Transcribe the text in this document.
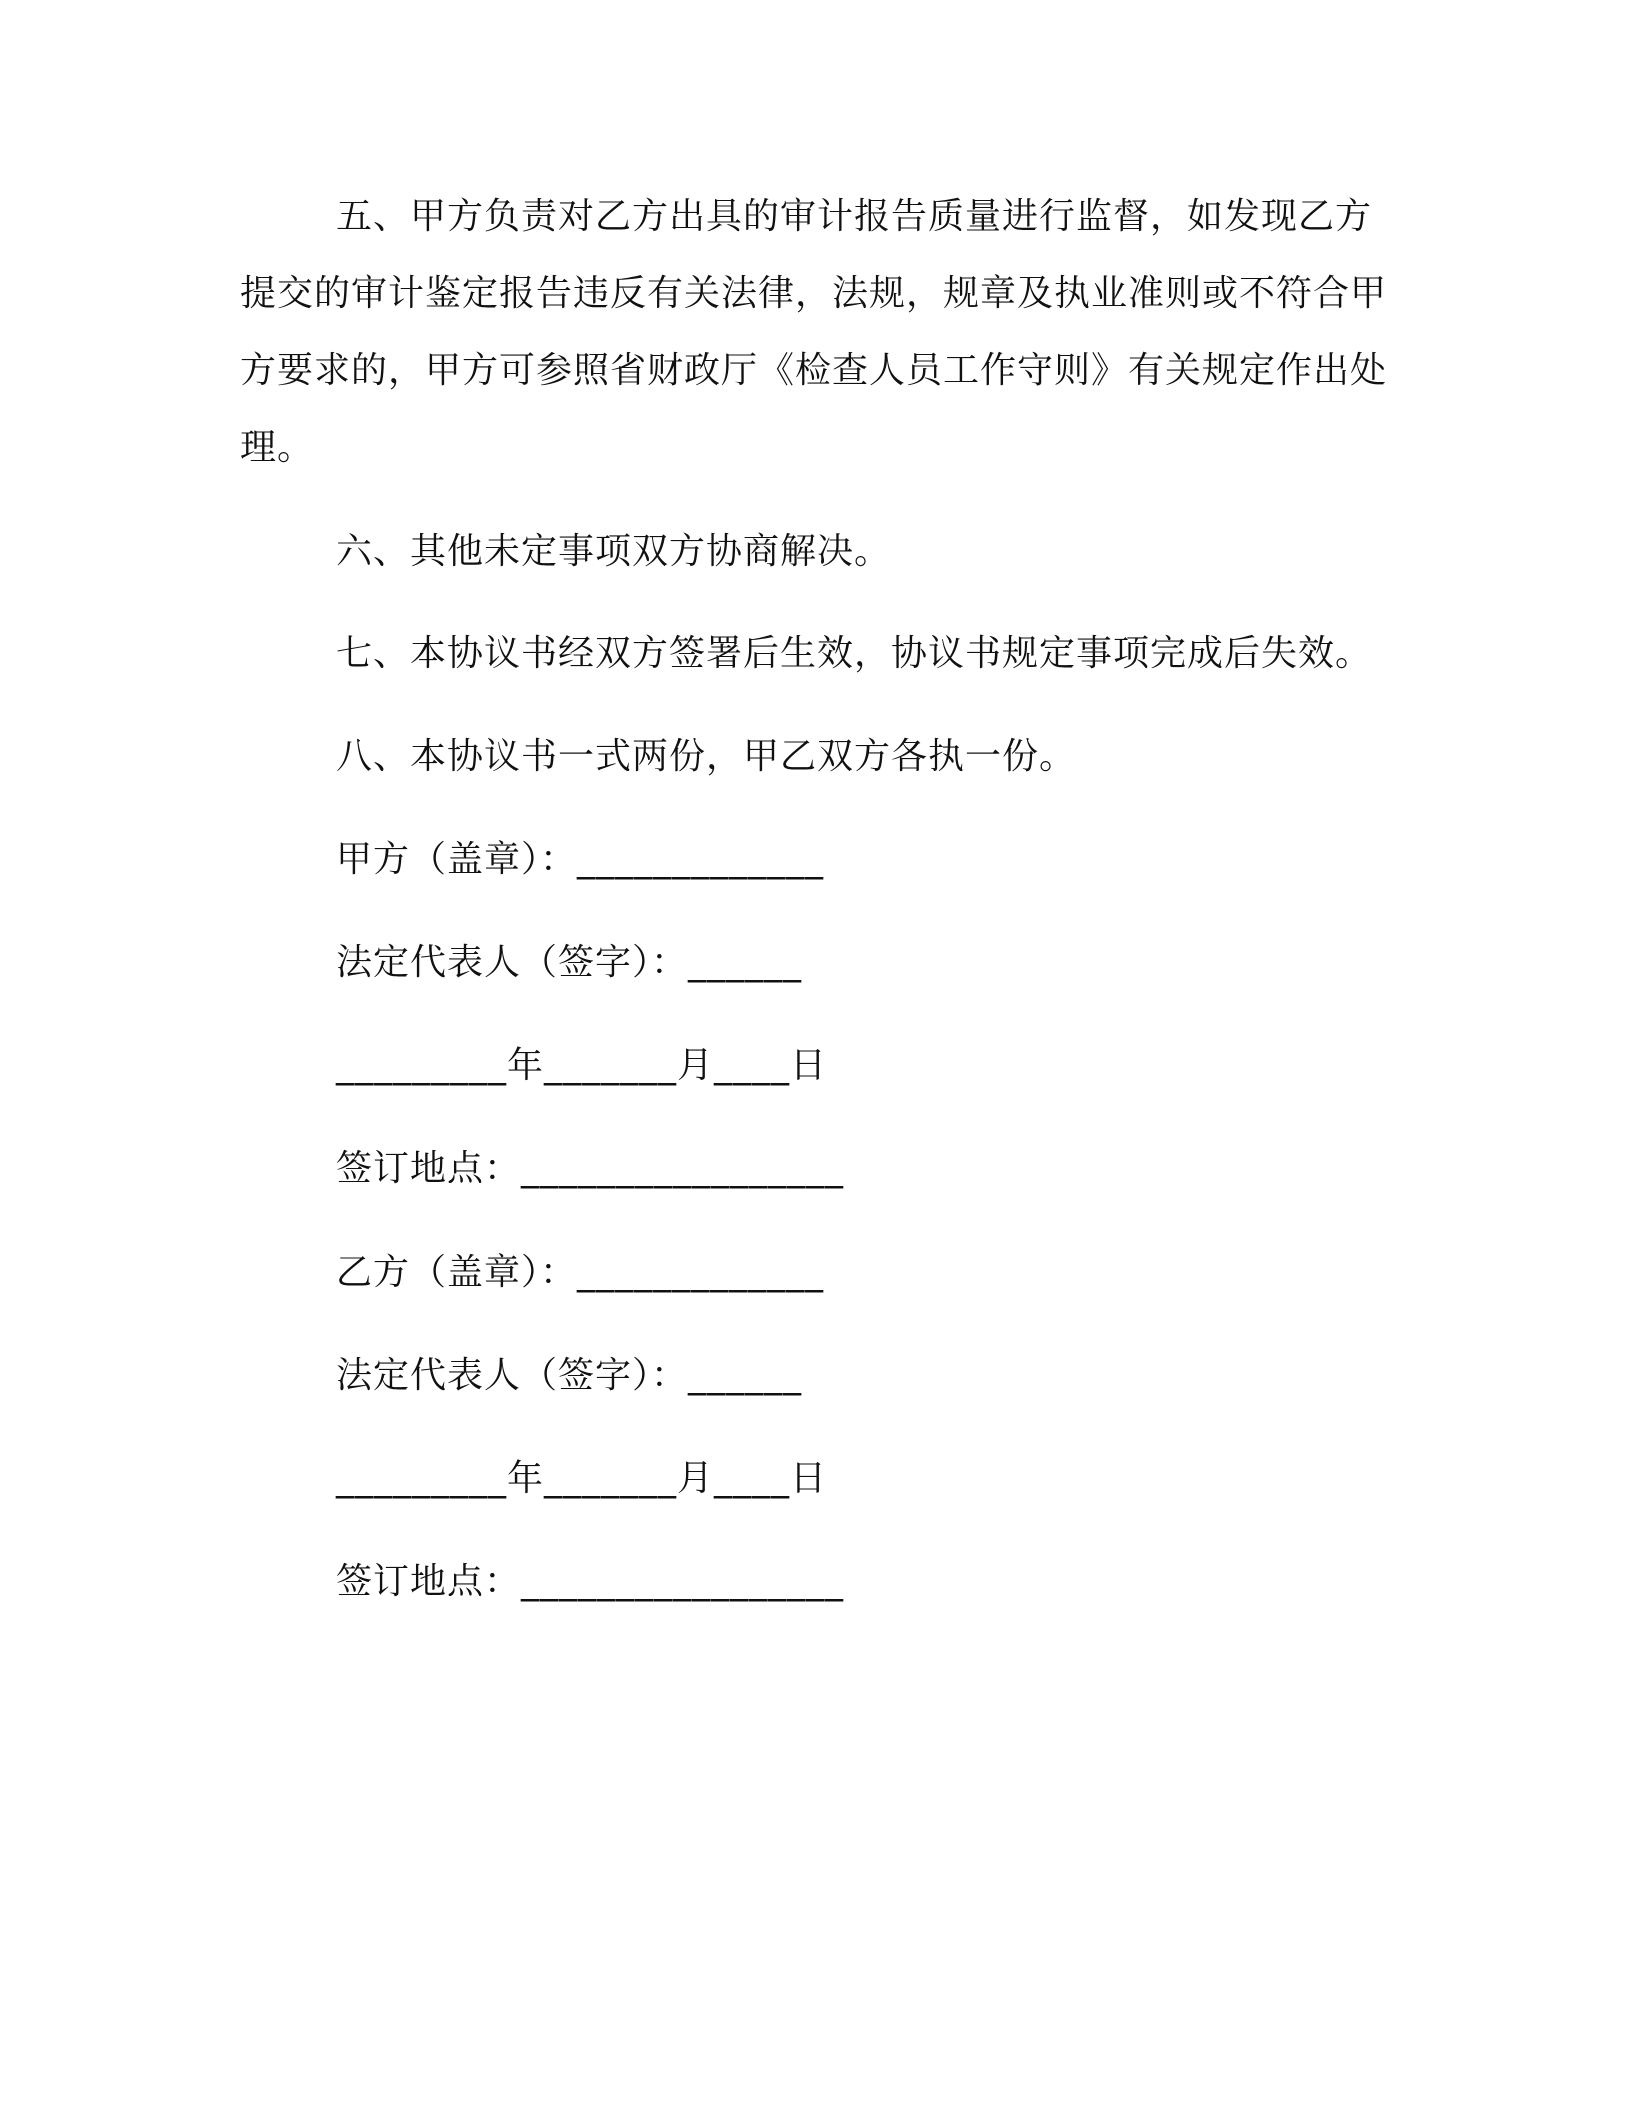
五、甲方负责对乙方出具的审计报告质量进行监督，如发现乙方提交的审计鉴定报告违反有关法律，法规，规章及执业准则或不符合甲方要求的，甲方可参照省财政厅《检查人员工作守则》有关规定作出处理。

六、其他未定事项双方协商解决。
七、本协议书经双方签署后生效，协议书规定事项完成后失效。
八、本协议书一式两份，甲乙双方各执一份。
甲方（盖章）：_____________
法定代表人（签字）：______
_________年_______月____日
签订地点：_________________
乙方（盖章）：_____________
法定代表人（签字）：______
_________年_______月____日
签订地点：_________________
